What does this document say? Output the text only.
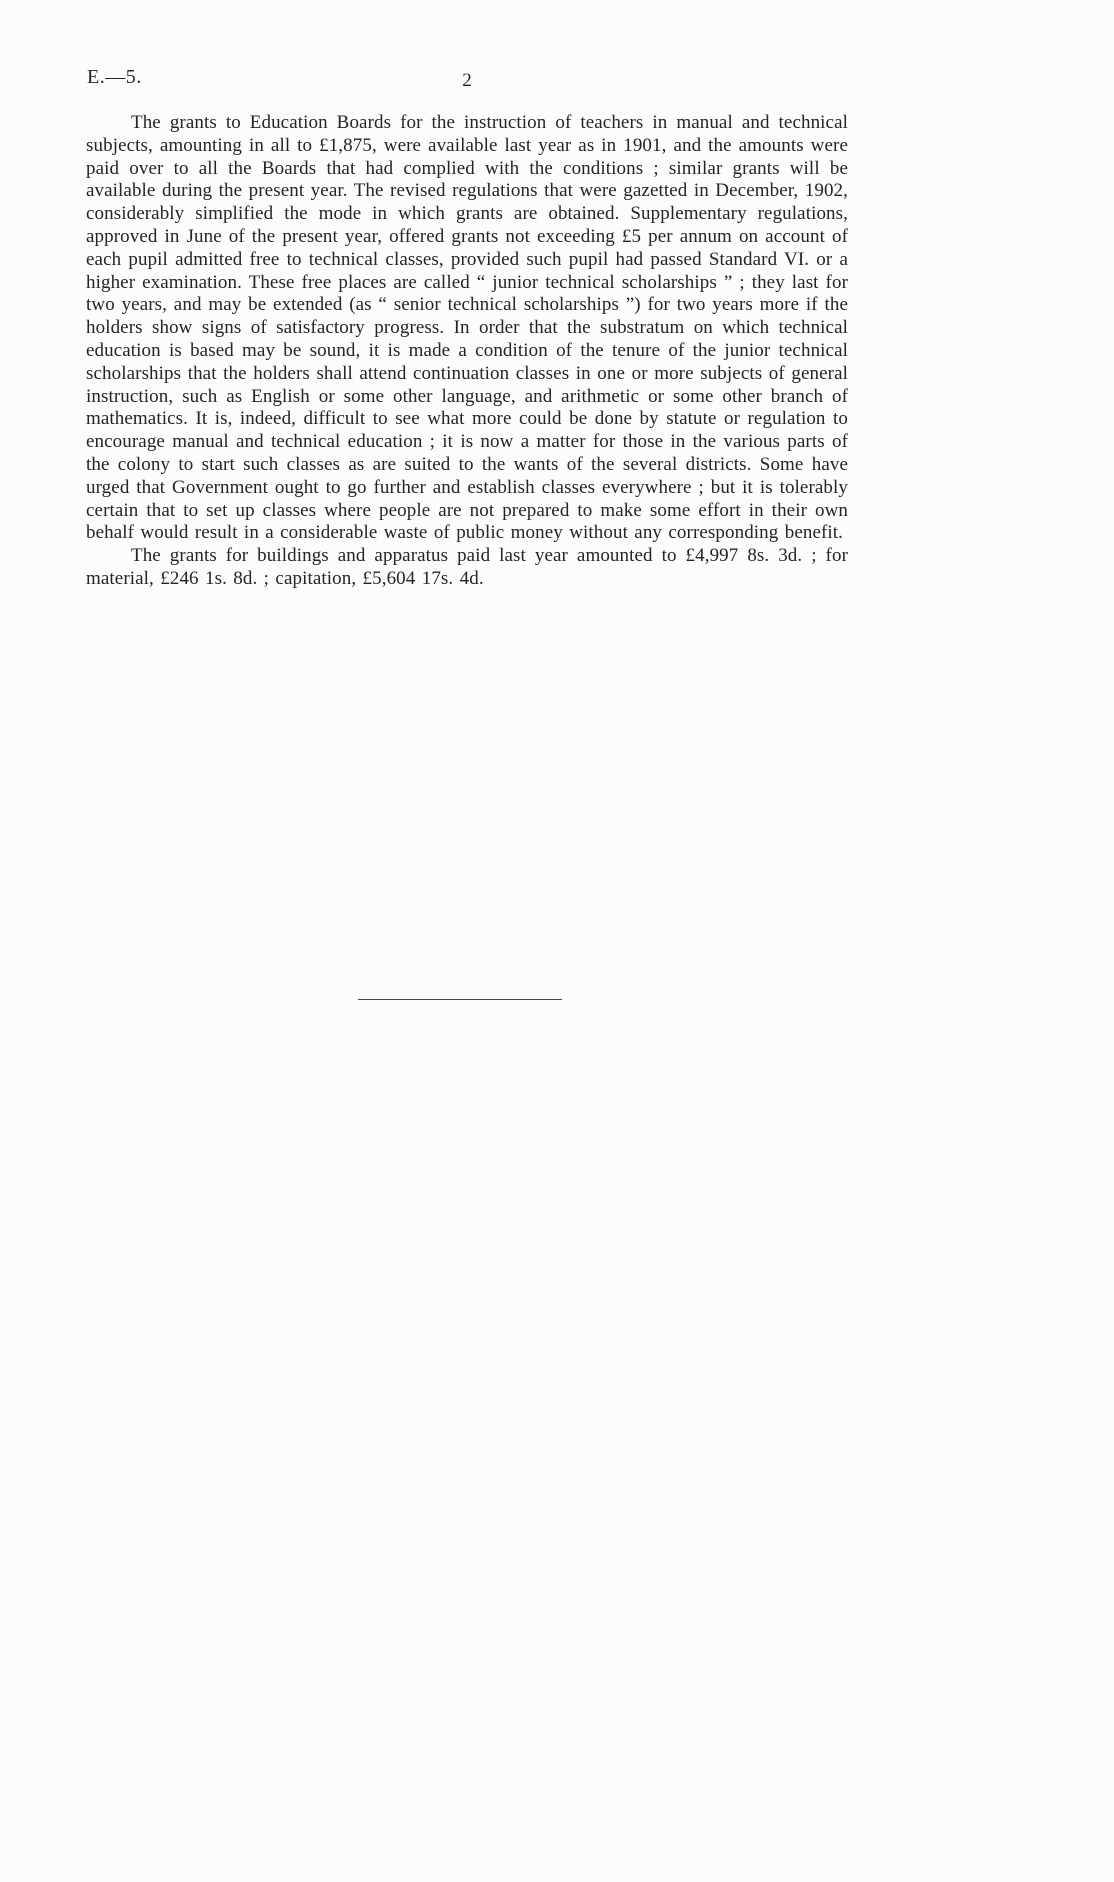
E.—5.	2

The grants to Education Boards for the instruction of teachers in manual and technical subjects, amounting in all to £1,875, were available last year as in 1901, and the amounts were paid over to all the Boards that had complied with the conditions ; similar grants will be available during the present year. The revised regulations that were gazetted in December, 1902, considerably simplified the mode in which grants are obtained. Supplementary regulations, approved in June of the present year, offered grants not exceeding £5 per annum on account of each pupil admitted free to technical classes, provided such pupil had passed Standard VI. or a higher examination. These free places are called “ junior technical scholarships ” ; they last for two years, and may be extended (as “ senior technical scholarships ”) for two years more if the holders show signs of satisfactory progress. In order that the substratum on which technical education is based may be sound, it is made a condition of the tenure of the junior technical scholarships that the holders shall attend continuation classes in one or more subjects of general instruction, such as English or some other language, and arithmetic or some other branch of mathematics. It is, indeed, difficult to see what more could be done by statute or regulation to encourage manual and technical education ; it is now a matter for those in the various parts of the colony to start such classes as are suited to the wants of the several districts. Some have urged that Government ought to go further and establish classes everywhere ; but it is tolerably certain that to set up classes where people are not prepared to make some effort in their own behalf would result in a considerable waste of public money without any corresponding benefit.

The grants for buildings and apparatus paid last year amounted to £4,997 8s. 3d. ; for material, £246 1s. 8d. ; capitation, £5,604 17s. 4d.
